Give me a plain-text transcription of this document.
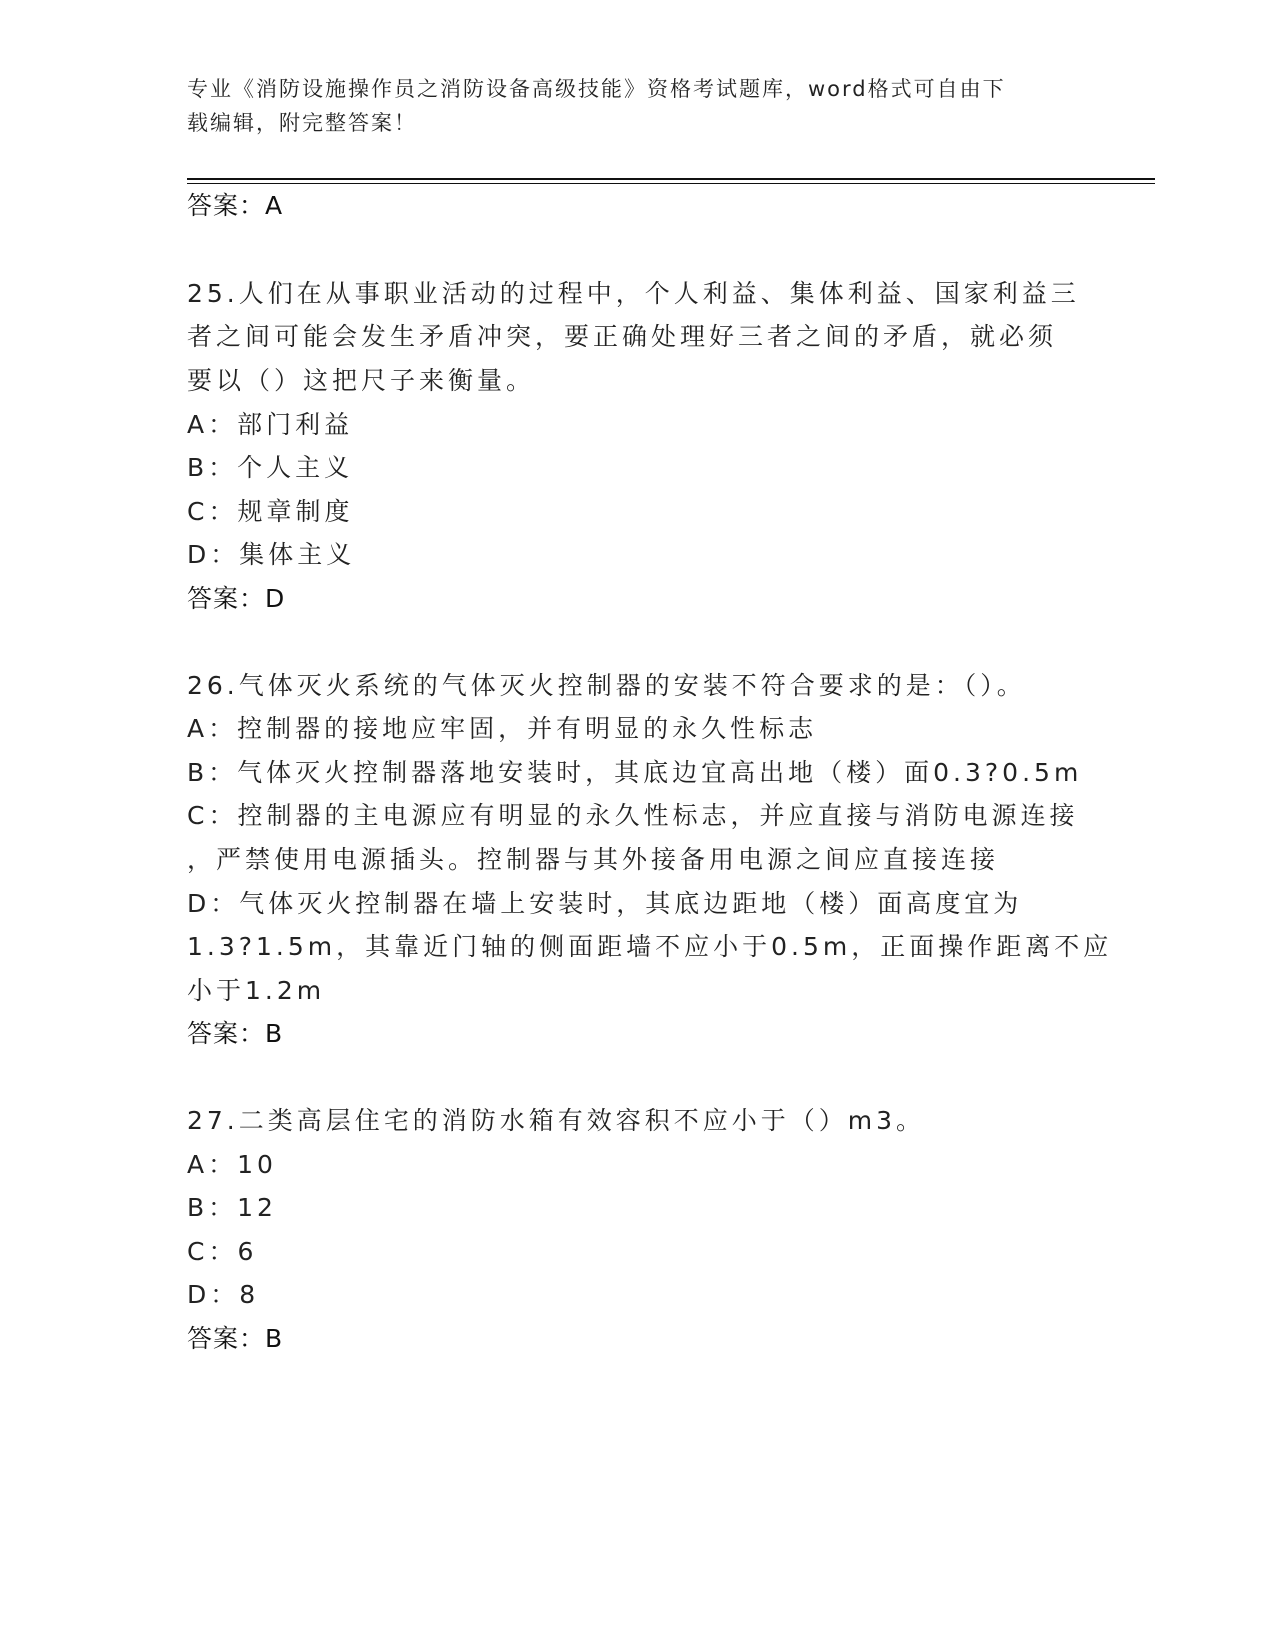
专业《消防设施操作员之消防设备高级技能》资格考试题库，word格式可自由下
载编辑，附完整答案！
答案：A
25.人们在从事职业活动的过程中，个人利益、集体利益、国家利益三
者之间可能会发生矛盾冲突，要正确处理好三者之间的矛盾，就必须
要以（）这把尺子来衡量。
A：部门利益
B：个人主义
C：规章制度
D：集体主义
答案：D
26.气体灭火系统的气体灭火控制器的安装不符合要求的是：（）。
A：控制器的接地应牢固，并有明显的永久性标志
B：气体灭火控制器落地安装时，其底边宜高出地（楼）面0.3?0.5m
C：控制器的主电源应有明显的永久性标志，并应直接与消防电源连接
，严禁使用电源插头。控制器与其外接备用电源之间应直接连接
D：气体灭火控制器在墙上安装时，其底边距地（楼）面高度宜为
1.3?1.5m，其靠近门轴的侧面距墙不应小于0.5m，正面操作距离不应
小于1.2m
答案：B
27.二类高层住宅的消防水箱有效容积不应小于（）m3。
A：10
B：12
C：6
D：8
答案：B
